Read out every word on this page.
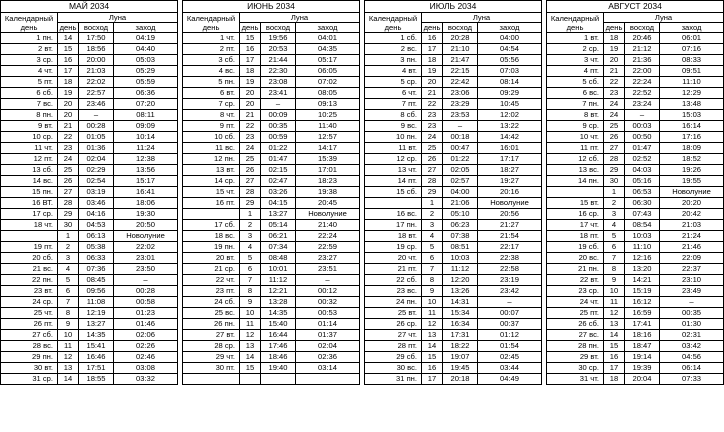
МАЙ 2034			
Календарный день	Луна		
	день	восход	заход
1 пн.	14	17:50	04:19
2 вт.	15	18:56	04:40
3 ср.	16	20:00	05:03
4 чт.	17	21:03	05:29
5 пт.	18	22:02	05:59
6 сб.	19	22:57	06:36
7 вс.	20	23:46	07:20
8 пн.	20	–	08:11
9 вт.	21	00:28	09:09
10 ср.	22	01:05	10:14
11 чт.	23	01:36	11:24
12 пт.	24	02:04	12:38
13 сб.	25	02:29	13:56
14 вс.	26	02:54	15:17
15 пн.	27	03:19	16:41
16 ВТ.	28	03:46	18:06
17 ср.	29	04:16	19:30
18 чт.	30	04:53	20:50
	1	06:13	Новолуние
19 пт.	2	05:38	22:02
20 сб.	3	06:33	23:01
21 вс.	4	07:36	23:50
22 пн.	5	08:45	–
23 вт.	6	09:56	00:28
24 ср.	7	11:08	00:58
25 чт.	8	12:19	01:23
26 пт.	9	13:27	01:46
27 сб.	10	14:35	02:06
28 вс.	11	15:41	02:26
29 пн.	12	16:46	02:46
30 вт.	13	17:51	03:08
31 ср.	14	18:55	03:32
ИЮНЬ 2034			
Календарный день	Луна		
	день	восход	заход
1 чт.	15	19:56	04:01
2 пт.	16	20:53	04:35
3 сб.	17	21:44	05:17
4 вс.	18	22:30	06:05
5 пн.	19	23:08	07:02
6 вт.	20	23:41	08:05
7 ср.	20	–	09:13
8 чт.	21	00:09	10:25
9 пт.	22	00:35	11:40
10 сб.	23	00:59	12:57
11 вс.	24	01:22	14:17
12 пн.	25	01:47	15:39
13 вт.	26	02:15	17:01
14 ср.	27	02:47	18:23
15 чт.	28	03:26	19:38
16 пт.	29	04:15	20:45
	1	13:27	Новолуние
17 сб.	2	05:14	21:40
18 вс.	3	06:21	22:24
19 пн.	4	07:34	22:59
20 вт.	5	08:48	23:27
21 ср.	6	10:01	23:51
22 чт.	7	11:12	–
23 пт.	8	12:21	00:12
24 сб.	9	13:28	00:32
25 вс.	10	14:35	00:53
26 пн.	11	15:40	01:14
27 вт.	12	16:44	01:37
28 ср.	13	17:46	02:04
29 чт.	14	18:46	02:36
30 пт.	15	19:40	03:14

ИЮЛЬ 2034			
Календарный день	Луна		
	день	восход	заход
1 сб.	16	20:28	04:00
2 вс.	17	21:10	04:54
3 пн.	18	21:47	05:56
4 вт.	19	22:15	07:03
5 ср.	20	22:42	08:14
6 чт.	21	23:06	09:29
7 пт.	22	23:29	10:45
8 сб.	23	23:53	12:02
9 вс.	23	–	13:22
10 пн.	24	00:18	14:42
11 вт.	25	00:47	16:01
12 ср.	26	01:22	17:17
13 чт.	27	02:05	18:27
14 пт.	28	02:57	19:27
15 сб.	29	04:00	20:16
	1	21:06	Новолуние
16 вс.	2	05:10	20:56
17 пн.	3	06:23	21:27
18 вт.	4	07:38	21:54
19 ср.	5	08:51	22:17
20 чт.	6	10:03	22:38
21 пт.	7	11:12	22:58
22 сб.	8	12:20	23:19
23 вс.	9	13:26	23:42
24 пн.	10	14:31	–
25 вт.	11	15:34	00:07
26 ср.	12	16:34	00:37
27 чт.	13	17:31	01:12
28 пт.	14	18:22	01:54
29 сб.	15	19:07	02:45
30 вс.	16	19:45	03:44
31 пн.	17	20:18	04:49
АВГУСТ 2034			
Календарный день	Луна		
	день	восход	заход
1 вт.	18	20:46	06:01
2 ср.	19	21:12	07:16
3 чт.	20	21:36	08:33
4 пт.	21	22:00	09:51
5 сб.	22	22:24	11:10
6 вс.	23	22:52	12:29
7 пн.	24	23:24	13:48
8 вт.	24	–	15:03
9 ср.	25	00:03	16:14
10 чт.	26	00:50	17:16
11 пт.	27	01:47	18:09
12 сб.	28	02:52	18:52
13 вс.	29	04:03	19:26
14 пн.	30	05:16	19:55
	1	06:53	Новолуние
15 вт.	2	06:30	20:20
16 ср.	3	07:43	20:42
17 чт.	4	08:54	21:03
18 пт.	5	10:03	21:24
19 сб.	6	11:10	21:46
20 вс.	7	12:16	22:09
21 пн.	8	13:20	22:37
22 вт.	9	14:21	23:10
23 ср.	10	15:19	23:49
24 чт.	11	16:12	–
25 пт.	12	16:59	00:35
26 сб.	13	17:41	01:30
27 вс.	14	18:16	02:31
28 пн.	15	18:47	03:42
29 вт.	16	19:14	04:56
30 ср.	17	19:39	06:14
31 чт.	18	20:04	07:33
